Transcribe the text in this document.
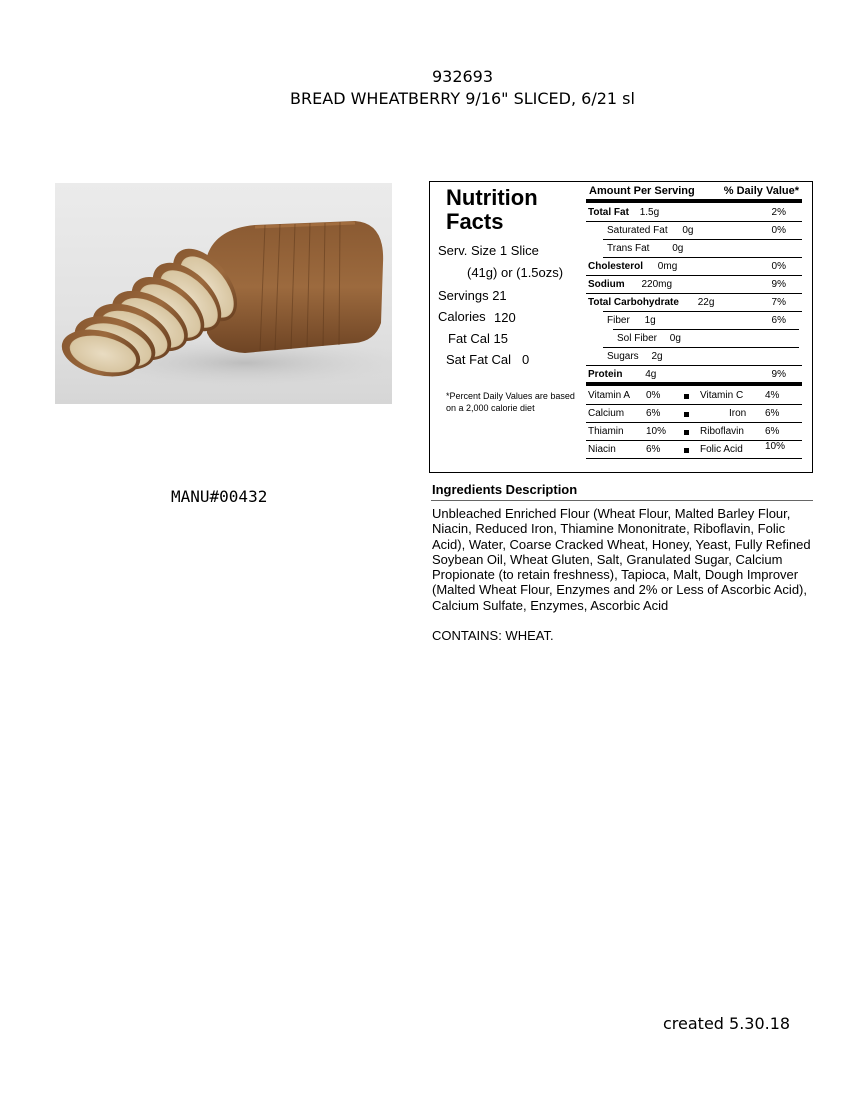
932693
BREAD WHEATBERRY 9/16" SLICED, 6/21 sl
MANU#00432
Nutrition
Facts
Serv. Size 1 Slice
(41g) or (1.5ozs)
Servings 21
Calories 120
Fat Cal 15
Sat Fat Cal 0
*Percent Daily Values are based on a 2,000 calorie diet
Amount Per Serving	% Daily Value*
Total Fat 1.5g	2%
Saturated Fat 0g	0%
Trans Fat 0g
Cholesterol 0mg	0%
Sodium 220mg	9%
Total Carbohydrate 22g	7%
Fiber 1g	6%
Sol Fiber 0g
Sugars 2g
Protein 4g	9%
Vitamin A 0%	Vitamin C 4%
Calcium 6%	Iron 6%
Thiamin 10%	Riboflavin 6%
Niacin	6%	Folic Acid 10%
Ingredients Description
Unbleached Enriched Flour (Wheat Flour, Malted Barley Flour, Niacin, Reduced Iron, Thiamine Mononitrate, Riboflavin, Folic Acid), Water, Coarse Cracked Wheat, Honey, Yeast, Fully Refined Soybean Oil, Wheat Gluten, Salt, Granulated Sugar, Calcium Propionate (to retain freshness), Tapioca, Malt, Dough Improver (Malted Wheat Flour, Enzymes and 2% or Less of Ascorbic Acid), Calcium Sulfate, Enzymes, Ascorbic Acid
CONTAINS: WHEAT.
created 5.30.18
